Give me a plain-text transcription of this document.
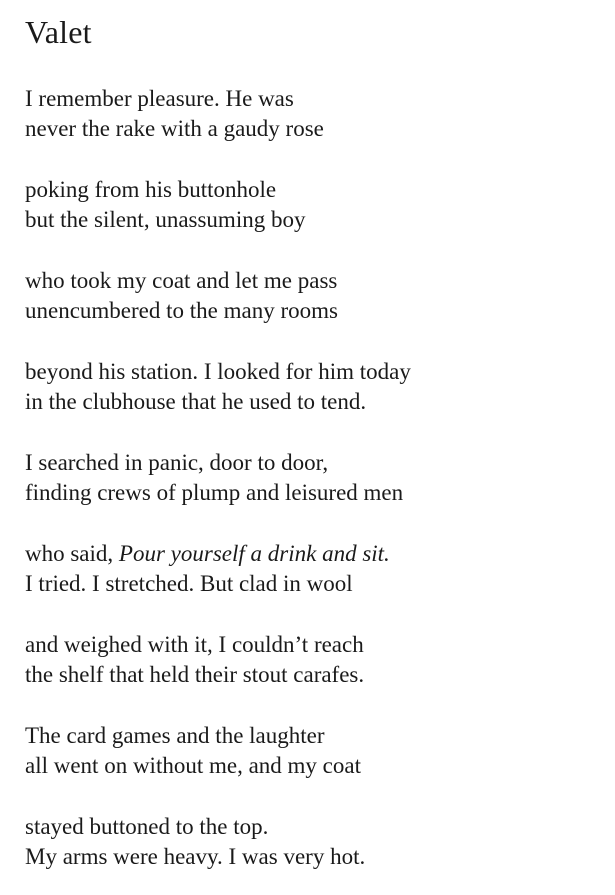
Valet
I remember pleasure. He was
never the rake with a gaudy rose
poking from his buttonhole
but the silent, unassuming boy
who took my coat and let me pass
unencumbered to the many rooms
beyond his station. I looked for him today
in the clubhouse that he used to tend.
I searched in panic, door to door,
finding crews of plump and leisured men
who said, Pour yourself a drink and sit.
I tried. I stretched. But clad in wool
and weighed with it, I couldn’t reach
the shelf that held their stout carafes.
The card games and the laughter
all went on without me, and my coat
stayed buttoned to the top.
My arms were heavy. I was very hot.
